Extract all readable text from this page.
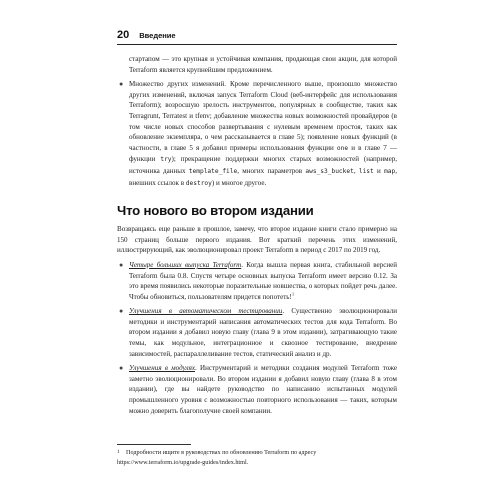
20 Введение

стартапом — это крупная и устойчивая компания, продающая свои акции, для которой Terraform является крупнейшим предложением.

● Множество других изменений. Кроме перечисленного выше, произошло множество других изменений, включая запуск Terraform Cloud (веб-интерфейс для использования Terraform); возросшую зрелость инструментов, популярных в сообществе, таких как Terragrunt, Terratest и tfenv; добавление множества новых возможностей провайдеров (в том числе новых способов развертывания с нулевым временем простоя, таких как обновление экземпляра, о чем рассказывается в главе 5); появление новых функций (в частности, в главе 5 я добавил примеры использования функции one и в главе 7 — функции try); прекращение поддержки многих старых возможностей (например, источника данных template_file, многих параметров aws_s3_bucket, list и map, внешних ссылок в destroy) и многое другое.
Что нового во втором издании

Возвращаясь еще раньше в прошлое, замечу, что второе издание книги стало примерно на 150 страниц больше первого издания. Вот краткий перечень этих изменений, иллюстрирующий, как эволюционировал проект Terraform в период с 2017 по 2019 год.

● Четыре больших выпуска Terraform. Когда вышла первая книга, стабильной версией Terraform была 0.8. Спустя четыре основных выпуска Terraform имеет версию 0.12. За это время появились некоторые поразительные новшества, о которых пойдет речь далее. Чтобы обновиться, пользователям придется попотеть!$^1$
● Улучшения в автоматическом тестировании. Существенно эволюционировали методики и инструментарий написания автоматических тестов для кода Terraform. Во втором издании я добавил новую главу (глава 9 в этом издании), затрагивающую такие темы, как модульное, интеграционное и сквозное тестирование, внедрение зависимостей, распараллеливание тестов, статический анализ и др.
● Улучшения в модулях. Инструментарий и методики создания модулей Terraform тоже заметно эволюционировали. Во втором издании я добавил новую главу (глава 8 в этом издании), где вы найдете руководство по написанию испытанных модулей промышленного уровня с возможностью повторного использования — таких, которым можно доверить благополучие своей компании.
1 Подробности ищите в руководствах по обновлению Terraform по адресу https://www.terraform.io/upgrade-guides/index.html.
